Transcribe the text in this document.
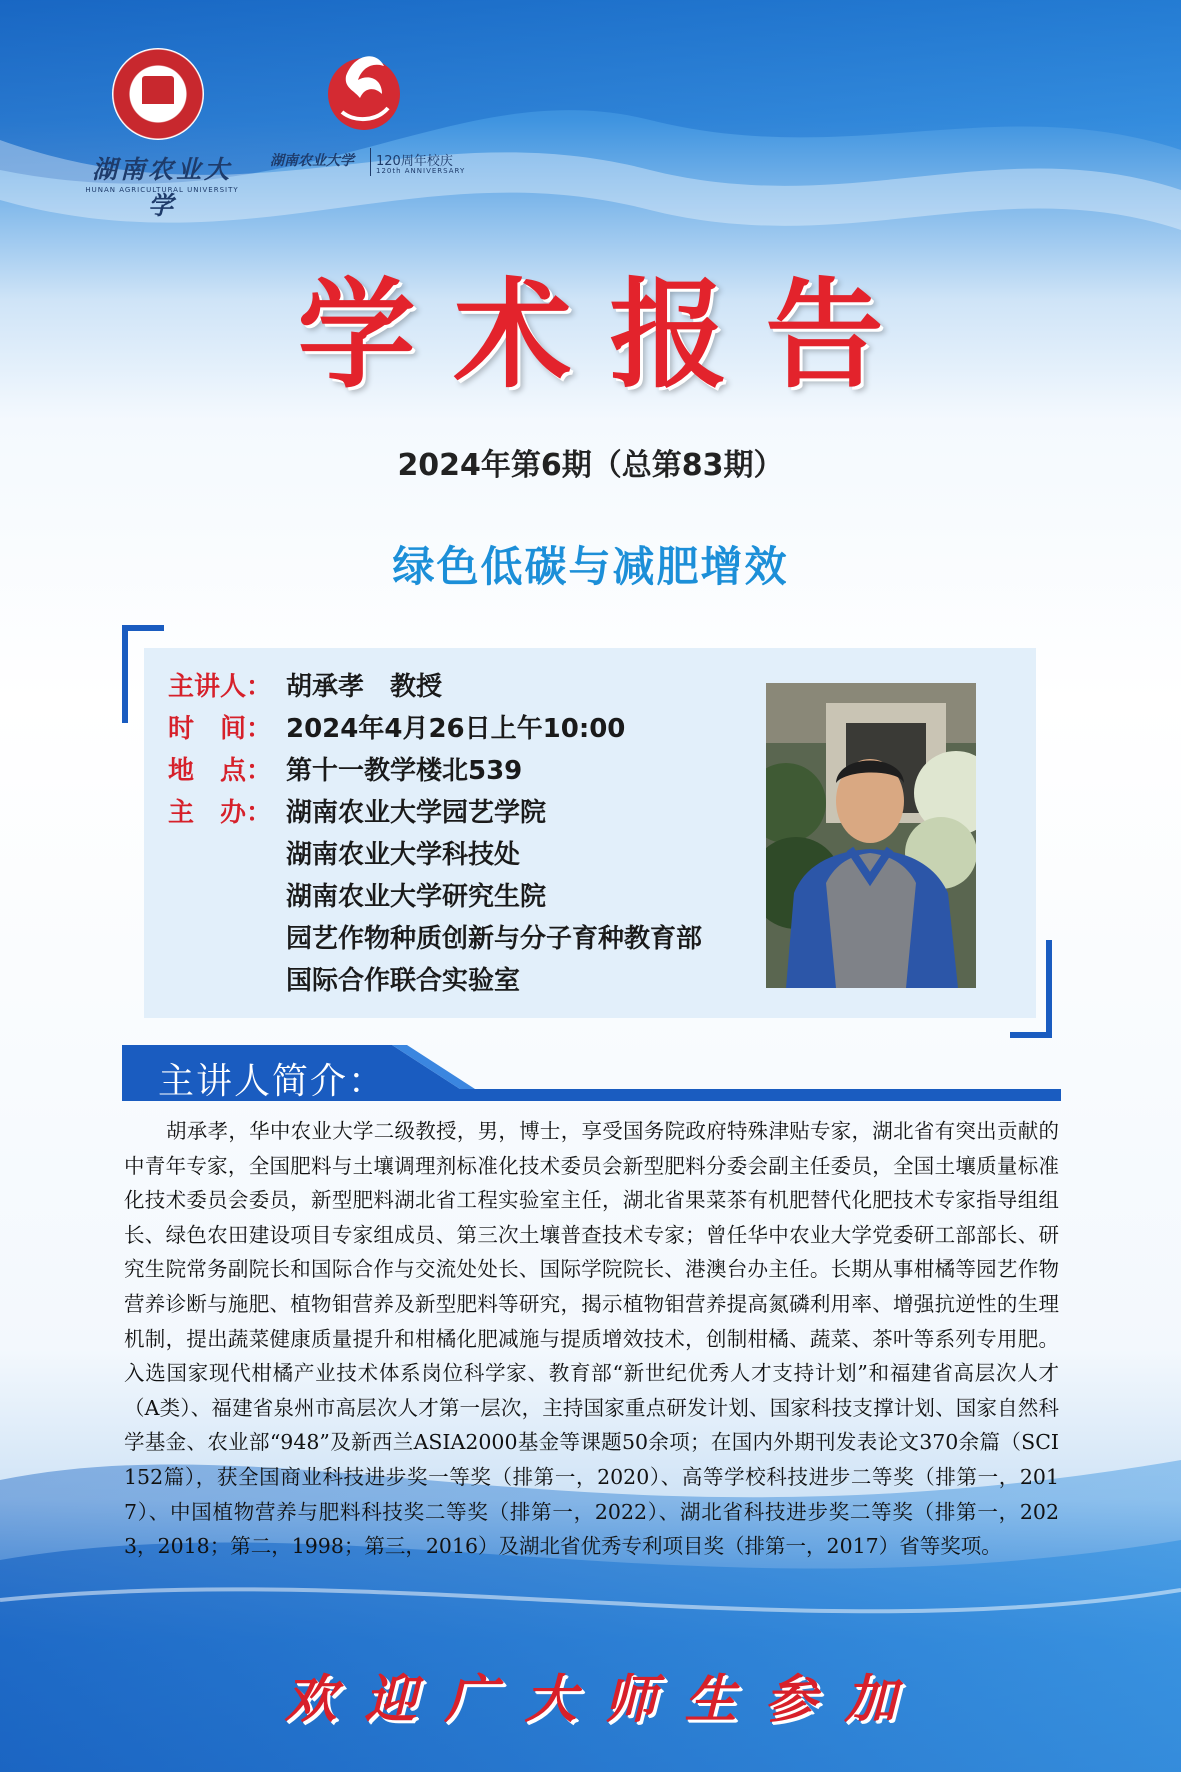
湖南农业大学
HUNAN AGRICULTURAL UNIVERSITY
湖南农业大学	120周年校庆
120th ANNIVERSARY
学术报告
2024年第6期（总第83期）
绿色低碳与减肥增效
主讲人： 胡承孝　教授
时　间： 2024年4月26日上午10:00
地　点： 第十一教学楼北539
主　办： 湖南农业大学园艺学院
湖南农业大学科技处
湖南农业大学研究生院
园艺作物种质创新与分子育种教育部
国际合作联合实验室
主讲人简介：

胡承孝，华中农业大学二级教授，男，博士，享受国务院政府特殊津贴专家，湖北省有突出贡献的中青年专家，全国肥料与土壤调理剂标准化技术委员会新型肥料分委会副主任委员，全国土壤质量标准化技术委员会委员，新型肥料湖北省工程实验室主任，湖北省果菜茶有机肥替代化肥技术专家指导组组长、绿色农田建设项目专家组成员、第三次土壤普查技术专家；曾任华中农业大学党委研工部部长、研究生院常务副院长和国际合作与交流处处长、国际学院院长、港澳台办主任。长期从事柑橘等园艺作物营养诊断与施肥、植物钼营养及新型肥料等研究，揭示植物钼营养提高氮磷利用率、增强抗逆性的生理机制，提出蔬菜健康质量提升和柑橘化肥减施与提质增效技术，创制柑橘、蔬菜、茶叶等系列专用肥。入选国家现代柑橘产业技术体系岗位科学家、教育部“新世纪优秀人才支持计划”和福建省高层次人才（A类）、福建省泉州市高层次人才第一层次，主持国家重点研发计划、国家科技支撑计划、国家自然科学基金、农业部“948”及新西兰ASIA2000基金等课题50余项；在国内外期刊发表论文370余篇（SCI152篇），获全国商业科技进步奖一等奖（排第一，2020）、高等学校科技进步二等奖（排第一，2017）、中国植物营养与肥料科技奖二等奖（排第一，2022）、湖北省科技进步奖二等奖（排第一，2023，2018；第二，1998；第三，2016）及湖北省优秀专利项目奖（排第一，2017）省等奖项。

欢迎广大师生参加
